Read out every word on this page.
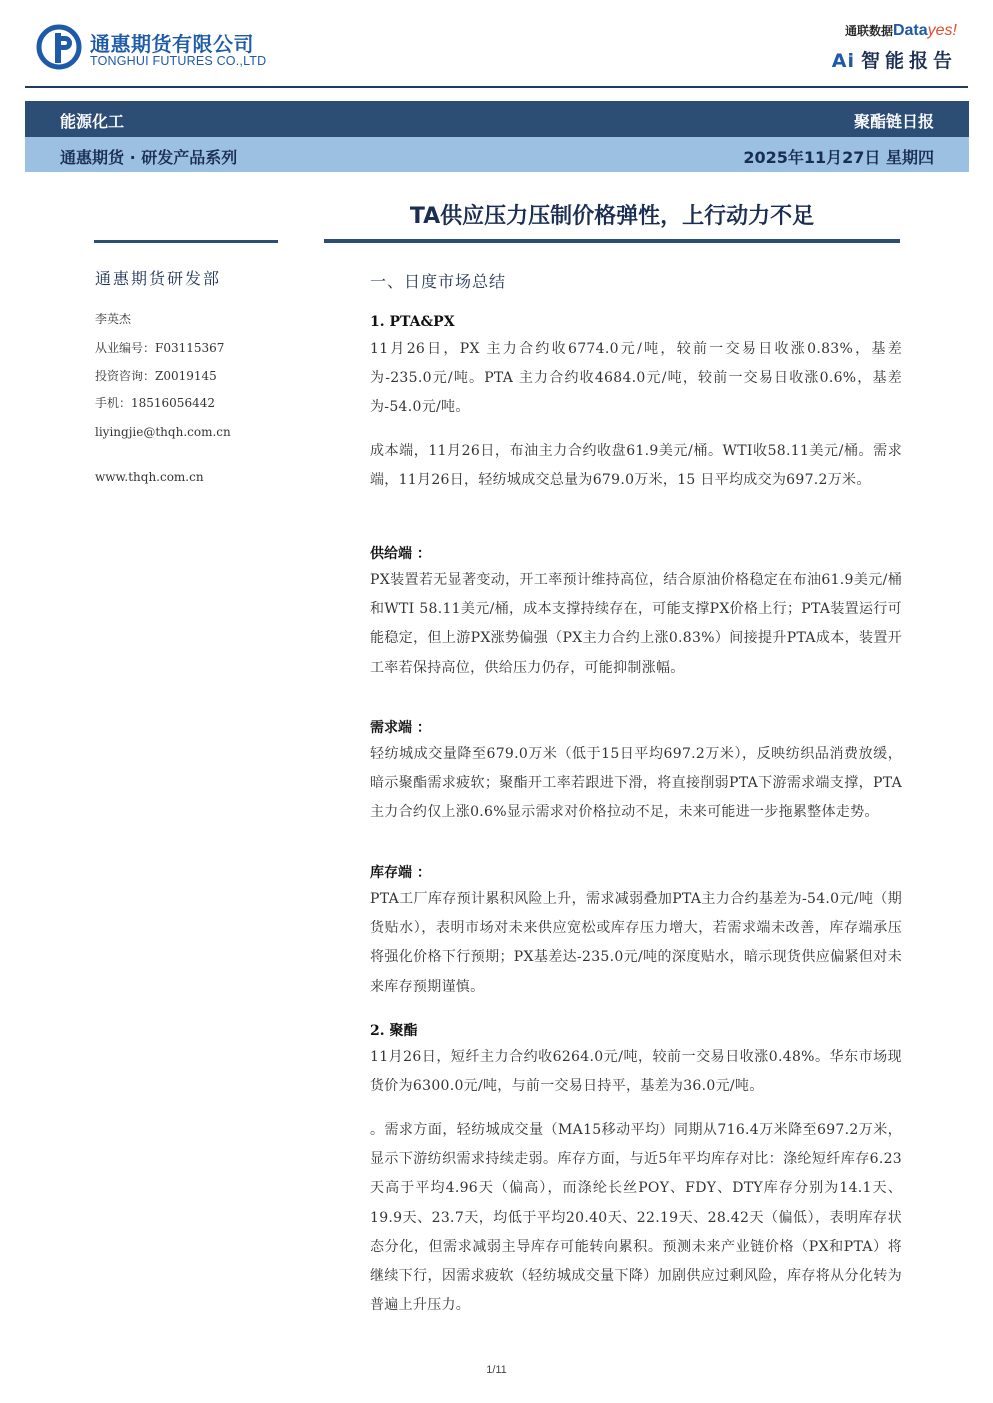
通惠期货有限公司
TONGHUI FUTURES CO.,LTD
通联数据Datayes!
Ai 智能报告
能源化工	聚酯链日报
通惠期货 · 研发产品系列	2025年11月27日 星期四
TA供应压力压制价格弹性，上行动力不足
通惠期货研发部
李英杰
从业编号：F03115367
投资咨询：Z0019145
手机：18516056442
liyingjie@thqh.com.cn
www.thqh.com.cn
一、日度市场总结
1. PTA&PX
11月26日，PX 主力合约收6774.0元/吨，较前一交易日收涨0.83%，基差为-235.0元/吨。PTA 主力合约收4684.0元/吨，较前一交易日收涨0.6%，基差为-54.0元/吨。
成本端，11月26日，布油主力合约收盘61.9美元/桶。WTI收58.11美元/桶。需求端，11月26日，轻纺城成交总量为679.0万米，15 日平均成交为697.2万米。
供给端 ：
PX装置若无显著变动，开工率预计维持高位，结合原油价格稳定在布油61.9美元/桶和WTI 58.11美元/桶，成本支撑持续存在，可能支撑PX价格上行；PTA装置运行可能稳定，但上游PX涨势偏强（PX主力合约上涨0.83%）间接提升PTA成本，装置开工率若保持高位，供给压力仍存，可能抑制涨幅。
需求端 ：
轻纺城成交量降至679.0万米（低于15日平均697.2万米），反映纺织品消费放缓，暗示聚酯需求疲软；聚酯开工率若跟进下滑，将直接削弱PTA下游需求端支撑，PTA主力合约仅上涨0.6%显示需求对价格拉动不足，未来可能进一步拖累整体走势。
库存端 ：
PTA工厂库存预计累积风险上升，需求减弱叠加PTA主力合约基差为-54.0元/吨（期货贴水），表明市场对未来供应宽松或库存压力增大，若需求端未改善，库存端承压将强化价格下行预期；PX基差达-235.0元/吨的深度贴水，暗示现货供应偏紧但对未来库存预期谨慎。
2. 聚酯
11月26日，短纤主力合约收6264.0元/吨，较前一交易日收涨0.48%。华东市场现货价为6300.0元/吨，与前一交易日持平，基差为36.0元/吨。
。需求方面，轻纺城成交量（MA15移动平均）同期从716.4万米降至697.2万米，显示下游纺织需求持续走弱。库存方面，与近5年平均库存对比：涤纶短纤库存6.23天高于平均4.96天（偏高），而涤纶长丝POY、FDY、DTY库存分别为14.1天、19.9天、23.7天，均低于平均20.40天、22.19天、28.42天（偏低），表明库存状态分化，但需求减弱主导库存可能转向累积。预测未来产业链价格（PX和PTA）将继续下行，因需求疲软（轻纺城成交量下降）加剧供应过剩风险，库存将从分化转为普遍上升压力。
1/11
